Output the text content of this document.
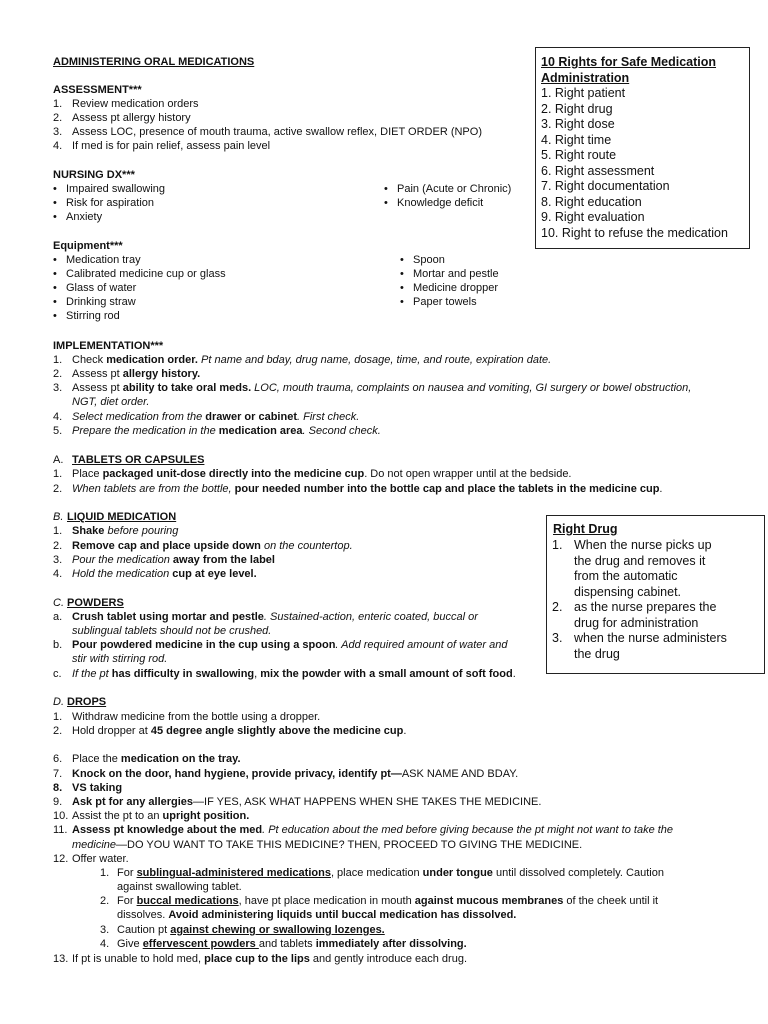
ADMINISTERING ORAL MEDICATIONS
ASSESSMENT***
1. Review medication orders
2. Assess pt allergy history
3. Assess LOC, presence of mouth trauma, active swallow reflex, DIET ORDER (NPO)
4. If med is for pain relief, assess pain level
NURSING DX***
• Impaired swallowing
• Risk for aspiration
• Anxiety
• Pain (Acute or Chronic)
• Knowledge deficit
Equipment***
• Medication tray
• Calibrated medicine cup or glass
• Glass of water
• Drinking straw
• Stirring rod
• Spoon
• Mortar and pestle
• Medicine dropper
• Paper towels
10 Rights for Safe Medication
Administration
1. Right patient
2. Right drug
3. Right dose
4. Right time
5. Right route
6. Right assessment
7. Right documentation
8. Right education
9. Right evaluation
10. Right to refuse the medication
IMPLEMENTATION***
1. Check medication order. Pt name and bday, drug name, dosage, time, and route, expiration date.
2. Assess pt allergy history.
3. Assess pt ability to take oral meds. LOC, mouth trauma, complaints on nausea and vomiting, GI surgery or bowel obstruction,
NGT, diet order.
4. Select medication from the drawer or cabinet. First check.
5. Prepare the medication in the medication area. Second check.
A. TABLETS OR CAPSULES
1. Place packaged unit-dose directly into the medicine cup. Do not open wrapper until at the bedside.
2. When tablets are from the bottle, pour needed number into the bottle cap and place the tablets in the medicine cup.
B. LIQUID MEDICATION
1. Shake before pouring
2. Remove cap and place upside down on the countertop.
3. Pour the medication away from the label
4. Hold the medication cup at eye level.
C. POWDERS
a. Crush tablet using mortar and pestle. Sustained-action, enteric coated, buccal or
sublingual tablets should not be crushed.
b. Pour powdered medicine in the cup using a spoon. Add required amount of water and
stir with stirring rod.
c. If the pt has difficulty in swallowing, mix the powder with a small amount of soft food.
Right Drug
1. When the nurse picks up
the drug and removes it
from the automatic
dispensing cabinet.
2. as the nurse prepares the
drug for administration
3. when the nurse administers
the drug
D. DROPS
1. Withdraw medicine from the bottle using a dropper.
2. Hold dropper at 45 degree angle slightly above the medicine cup.
6. Place the medication on the tray.
7. Knock on the door, hand hygiene, provide privacy, identify pt—ASK NAME AND BDAY.
8. VS taking
9. Ask pt for any allergies—IF YES, ASK WHAT HAPPENS WHEN SHE TAKES THE MEDICINE.
10. Assist the pt to an upright position.
11. Assess pt knowledge about the med. Pt education about the med before giving because the pt might not want to take the
medicine—DO YOU WANT TO TAKE THIS MEDICINE? THEN, PROCEED TO GIVING THE MEDICINE.
12. Offer water.
1. For sublingual-administered medications, place medication under tongue until dissolved completely. Caution
against swallowing tablet.
2. For buccal medications, have pt place medication in mouth against mucous membranes of the cheek until it
dissolves. Avoid administering liquids until buccal medication has dissolved.
3. Caution pt against chewing or swallowing lozenges.
4. Give effervescent powders and tablets immediately after dissolving.
13. If pt is unable to hold med, place cup to the lips and gently introduce each drug.
